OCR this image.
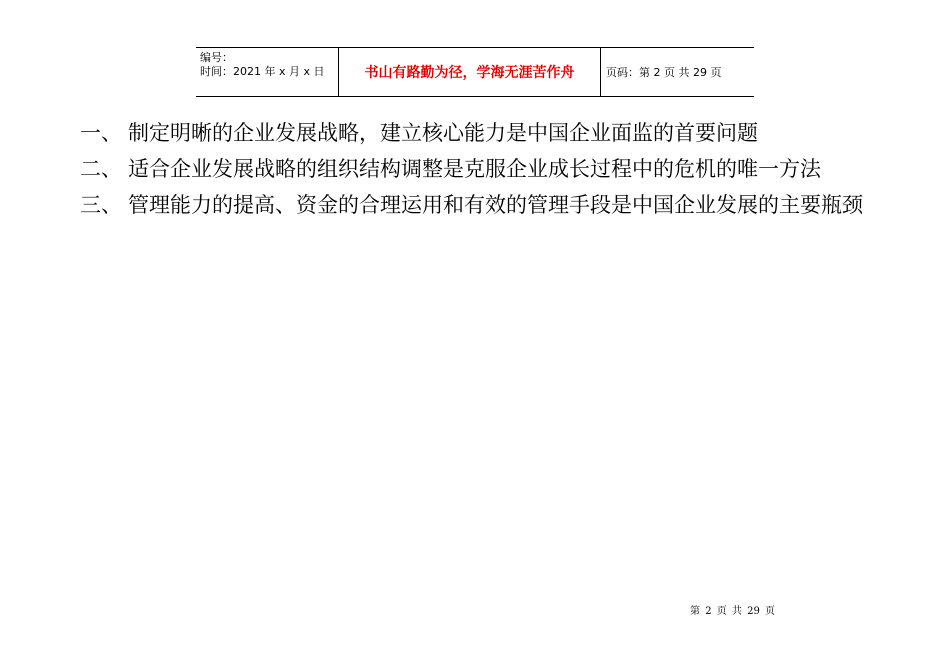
编号：
时间：2021 年 x 月 x 日	书山有路勤为径，学海无涯苦作舟	页码：第 2 页 共 29 页
一、 制定明晰的企业发展战略，建立核心能力是中国企业面监的首要问题
二、 适合企业发展战略的组织结构调整是克服企业成长过程中的危机的唯一方法
三、 管理能力的提高、资金的合理运用和有效的管理手段是中国企业发展的主要瓶颈
第 2 页 共 29 页
